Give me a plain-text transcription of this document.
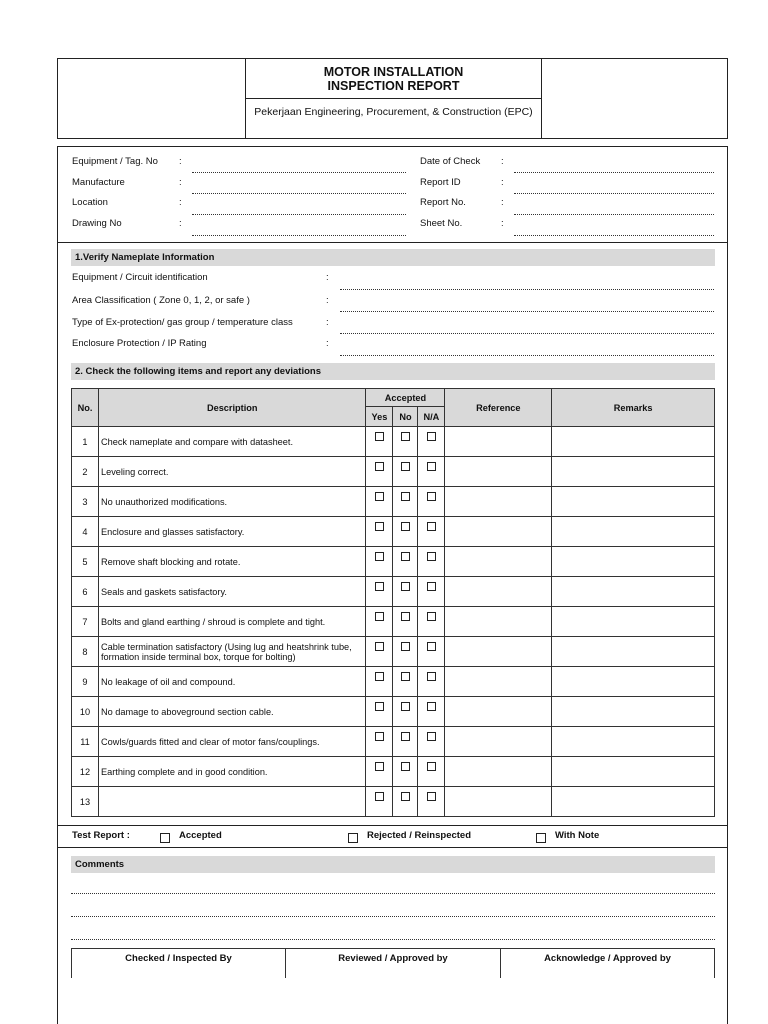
MOTOR INSTALLATION
INSPECTION REPORT
Pekerjaan Engineering, Procurement, & Construction (EPC)
Equipment / Tag. No :
Manufacture	:
Location	:
Drawing No	:
Date of Check :
Report ID	:
Report No.	:
Sheet No.	:
1.Verify Nameplate Information
Equipment / Circuit identification	:
Area Classification ( Zone 0, 1, 2, or safe )	:
Type of Ex-protection/ gas group / temperature class	:
Enclosure Protection / IP Rating	:
2. Check the following items and report any deviations
No.	Description	Accepted			Reference	Remarks
		Yes	No	N/A		
1	Check nameplate and compare with datasheet.					
2	Leveling correct.					
3	No unauthorized modifications.					
4	Enclosure and glasses satisfactory.					
5	Remove shaft blocking and rotate.					
6	Seals and gaskets satisfactory.					
7	Bolts and gland earthing / shroud is complete and tight.					
8	Cable termination satisfactory (Using lug and heatshrink tube, formation inside terminal box, torque for bolting)					
9	No leakage of oil and compound.					
10	No damage to aboveground section cable.					
11	Cowls/guards fitted and clear of motor fans/couplings.					
12	Earthing complete and in good condition.					
13						
Test Report :	Accepted	Rejected / Reinspected	With Note
Comments
Checked / Inspected By	Reviewed / Approved by	Acknowledge / Approved by
